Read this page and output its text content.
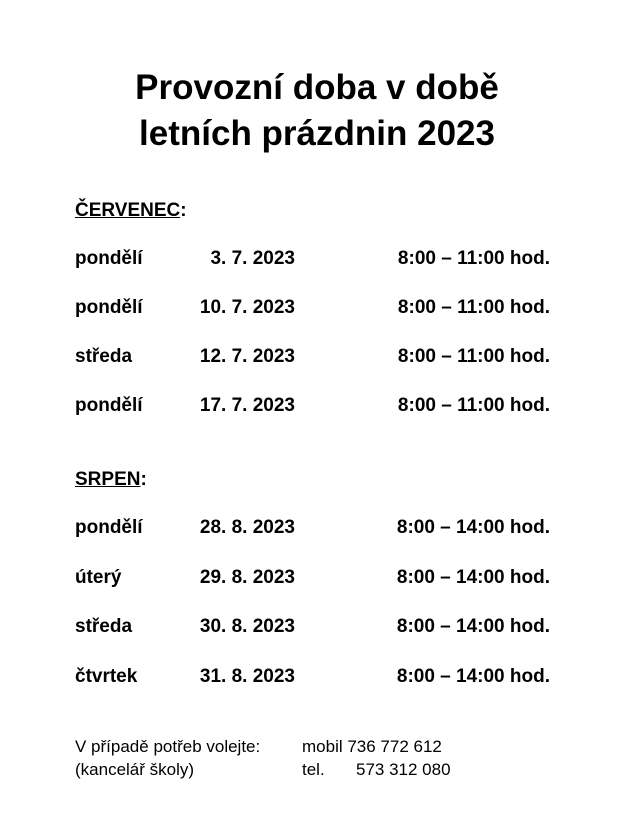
Provozní doba v době
letních prázdnin 2023
ČERVENEC:
pondělí	3. 7. 2023	8:00 – 11:00 hod.
pondělí	10. 7. 2023	8:00 – 11:00 hod.
středa	12. 7. 2023	8:00 – 11:00 hod.
pondělí	17. 7. 2023	8:00 – 11:00 hod.
SRPEN:
pondělí	28. 8. 2023	8:00 – 14:00 hod.
úterý	29. 8. 2023	8:00 – 14:00 hod.
středa	30. 8. 2023	8:00 – 14:00 hod.
čtvrtek	31. 8. 2023	8:00 – 14:00 hod.
V případě potřeb volejte: mobil 736 772 612
(kancelář školy)	tel. 573 312 080
